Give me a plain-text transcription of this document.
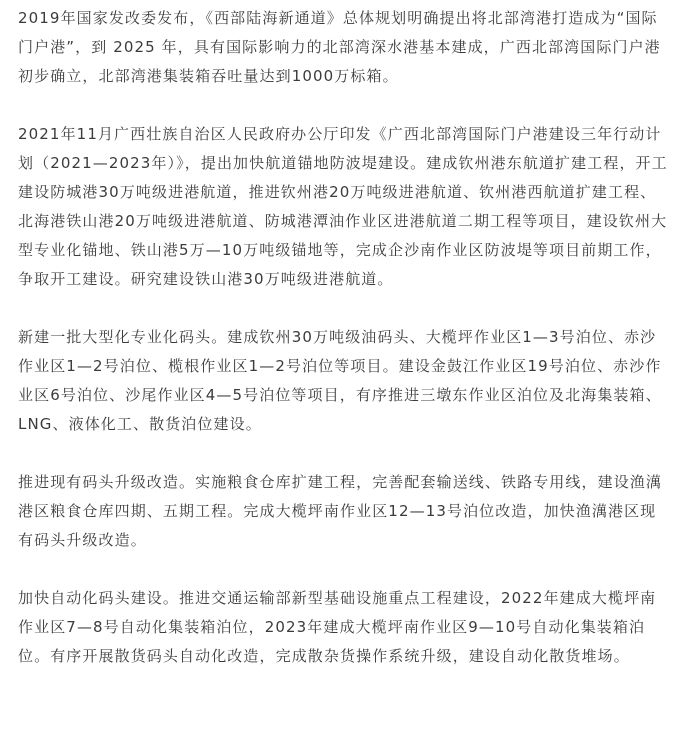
2019年国家发改委发布，《西部陆海新通道》总体规划明确提出将北部湾港打造成为“国际门户港”，到 2025 年，具有国际影响力的北部湾深水港基本建成，广西北部湾国际门户港初步确立，北部湾港集装箱吞吐量达到1000万标箱。

2021年11月广西壮族自治区人民政府办公厅印发《广西北部湾国际门户港建设三年行动计划（2021—2023年）》，提出加快航道锚地防波堤建设。建成钦州港东航道扩建工程，开工建设防城港30万吨级进港航道，推进钦州港20万吨级进港航道、钦州港西航道扩建工程、北海港铁山港20万吨级进港航道、防城港潭油作业区进港航道二期工程等项目，建设钦州大型专业化锚地、铁山港5万—10万吨级锚地等，完成企沙南作业区防波堤等项目前期工作，争取开工建设。研究建设铁山港30万吨级进港航道。

新建一批大型化专业化码头。建成钦州30万吨级油码头、大榄坪作业区1—3号泊位、赤沙作业区1—2号泊位、榄根作业区1—2号泊位等项目。建设金鼓江作业区19号泊位、赤沙作业区6号泊位、沙尾作业区4—5号泊位等项目，有序推进三墩东作业区泊位及北海集装箱、LNG、液体化工、散货泊位建设。

推进现有码头升级改造。实施粮食仓库扩建工程，完善配套输送线、铁路专用线，建设渔澫港区粮食仓库四期、五期工程。完成大榄坪南作业区12—13号泊位改造，加快渔澫港区现有码头升级改造。

加快自动化码头建设。推进交通运输部新型基础设施重点工程建设，2022年建成大榄坪南作业区7—8号自动化集装箱泊位，2023年建成大榄坪南作业区9—10号自动化集装箱泊位。有序开展散货码头自动化改造，完成散杂货操作系统升级，建设自动化散货堆场。
